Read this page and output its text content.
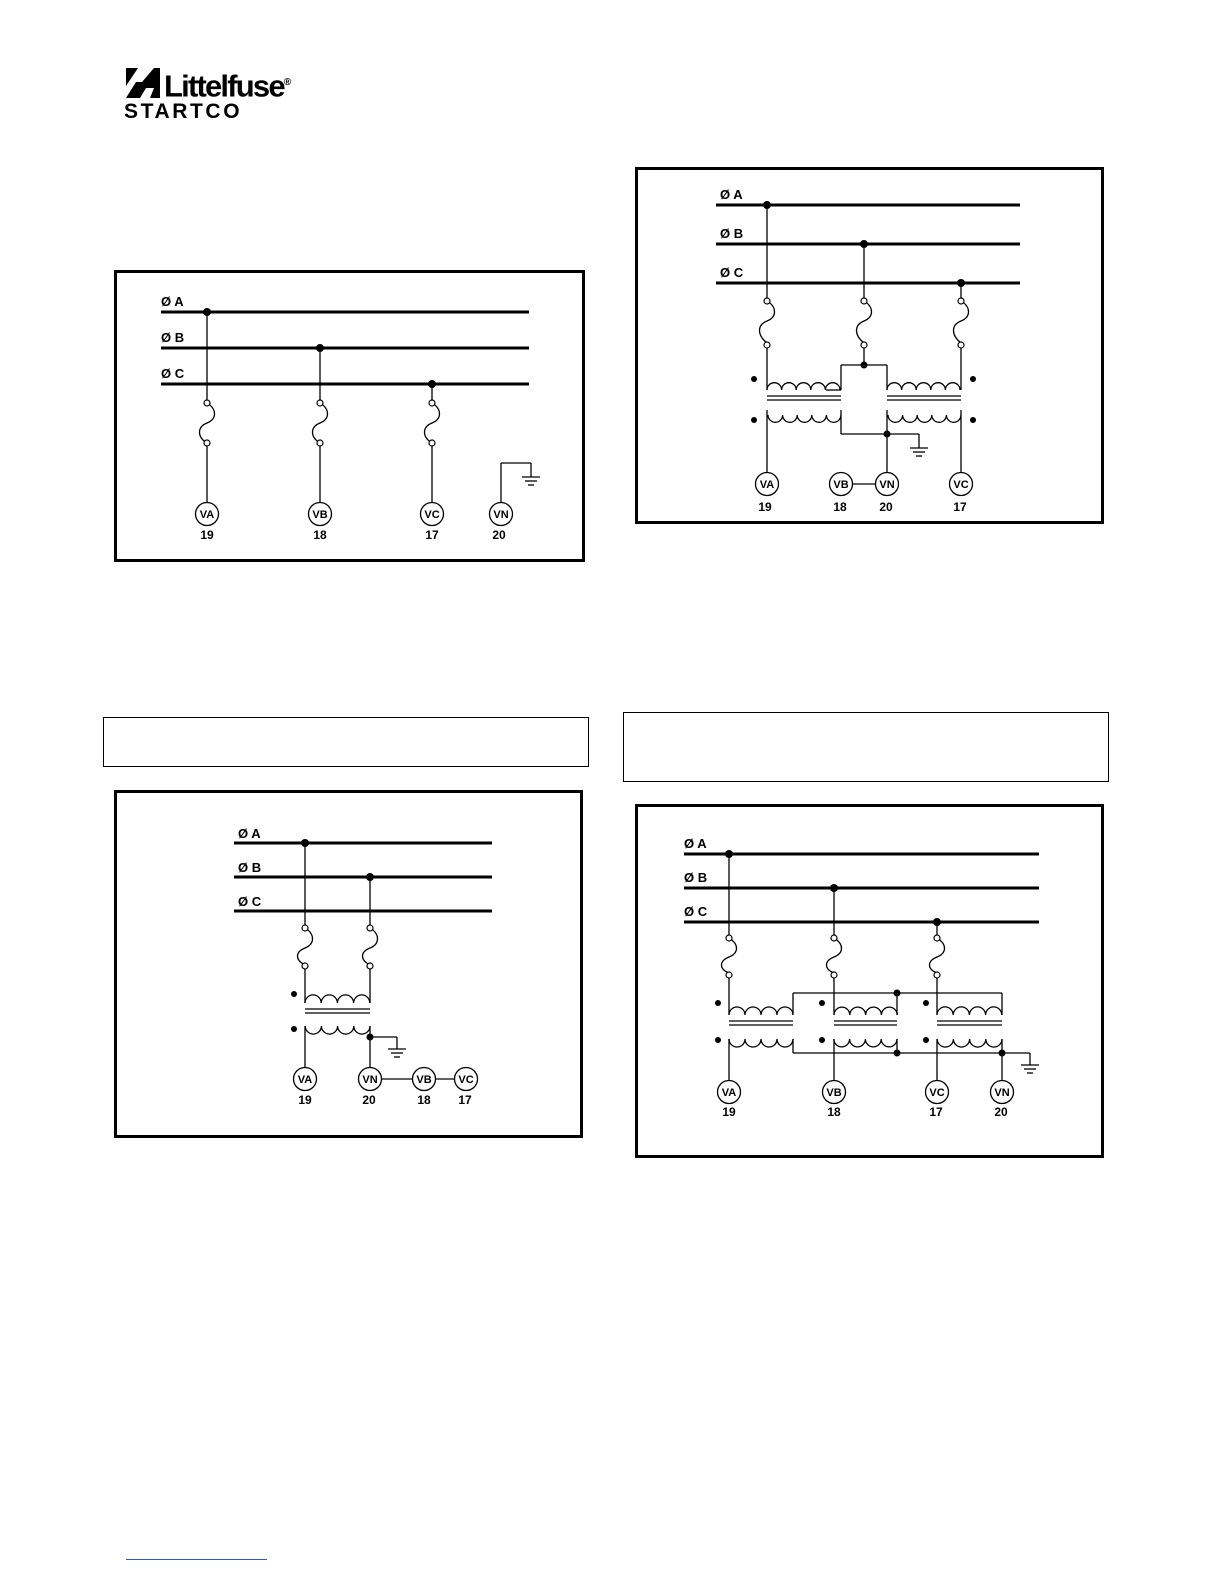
Littelfuse®
STARTCO
Ø A
Ø B
Ø C
VA
19
VB
18
VC
17
VN
20
Ø A
Ø B
Ø C
VA
19
VB
18
VN
20
VC
17
Ø A
Ø B
Ø C
VA
19
VN
20
VB
18
VC
17
Ø A
Ø B
Ø C
VA
19
VB
18
VC
17
VN
20
